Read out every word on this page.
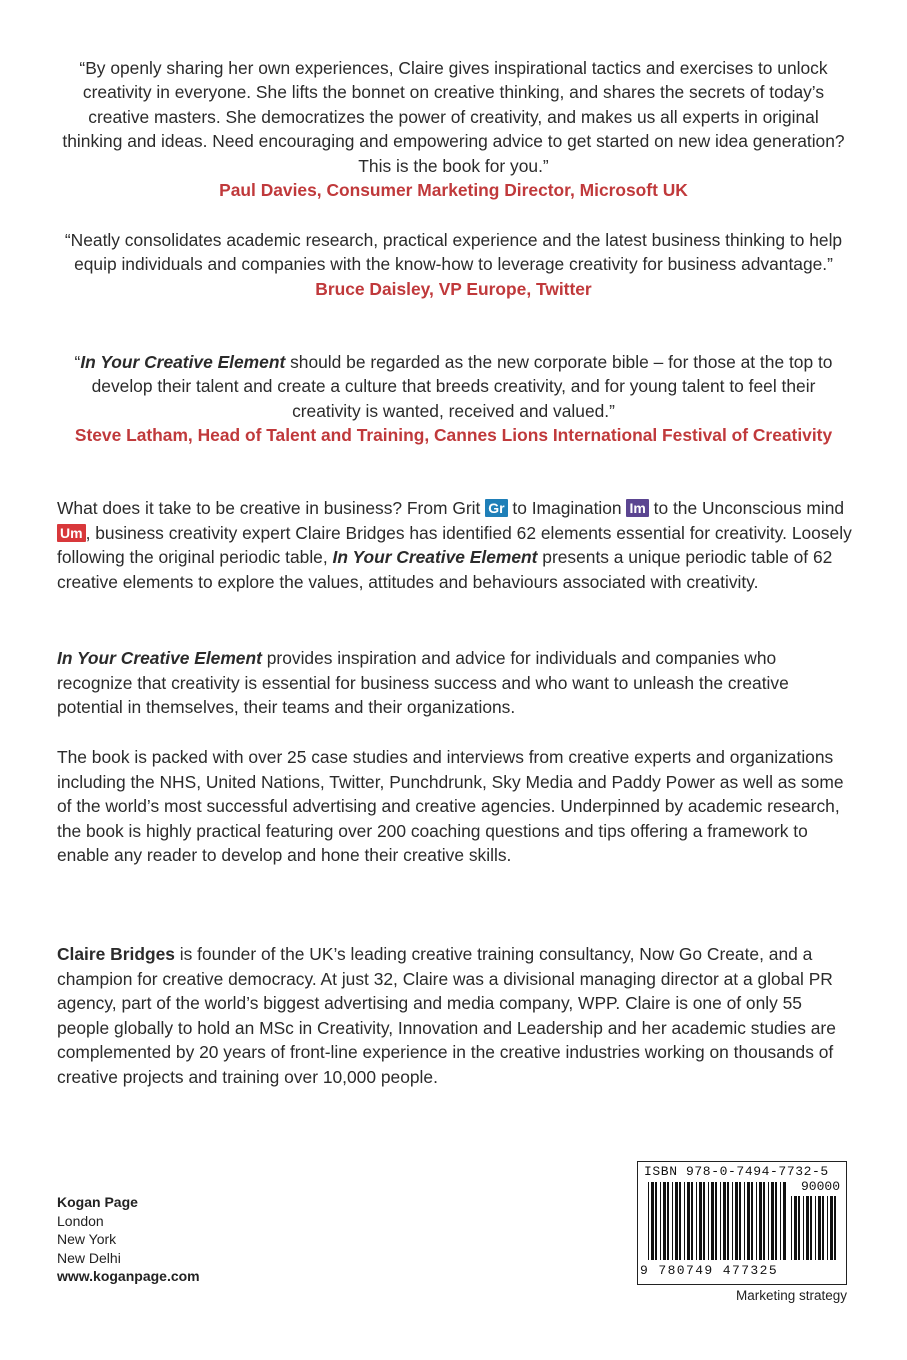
“By openly sharing her own experiences, Claire gives inspirational tactics and exercises to unlock creativity in everyone. She lifts the bonnet on creative thinking, and shares the secrets of today’s creative masters. She democratizes the power of creativity, and makes us all experts in original thinking and ideas. Need encouraging and empowering advice to get started on new idea generation? This is the book for you.”
Paul Davies, Consumer Marketing Director, Microsoft UK
“Neatly consolidates academic research, practical experience and the latest business thinking to help equip individuals and companies with the know-how to leverage creativity for business advantage.”
Bruce Daisley, VP Europe, Twitter
“In Your Creative Element should be regarded as the new corporate bible – for those at the top to develop their talent and create a culture that breeds creativity, and for young talent to feel their creativity is wanted, received and valued.”
Steve Latham, Head of Talent and Training, Cannes Lions International Festival of Creativity

What does it take to be creative in business? From Grit Gr to Imagination Im to the Unconscious mind Um , business creativity expert Claire Bridges has identified 62 elements essential for creativity. Loosely following the original periodic table, In Your Creative Element presents a unique periodic table of 62 creative elements to explore the values, attitudes and behaviours associated with creativity.

In Your Creative Element provides inspiration and advice for individuals and companies who recognize that creativity is essential for business success and who want to unleash the creative potential in themselves, their teams and their organizations.

The book is packed with over 25 case studies and interviews from creative experts and organizations including the NHS, United Nations, Twitter, Punchdrunk, Sky Media and Paddy Power as well as some of the world’s most successful advertising and creative agencies. Underpinned by academic research, the book is highly practical featuring over 200 coaching questions and tips offering a framework to enable any reader to develop and hone their creative skills.

Claire Bridges is founder of the UK’s leading creative training consultancy, Now Go Create, and a champion for creative democracy. At just 32, Claire was a divisional managing director at a global PR agency, part of the world’s biggest advertising and media company, WPP. Claire is one of only 55 people globally to hold an MSc in Creativity, Innovation and Leadership and her academic studies are complemented by 20 years of front-line experience in the creative industries working on thousands of creative projects and training over 10,000 people.

Kogan Page
London
New York
New Delhi
www.koganpage.com
ISBN 978-0-7494-7732-5
90000
9 780749 477325
Marketing strategy
